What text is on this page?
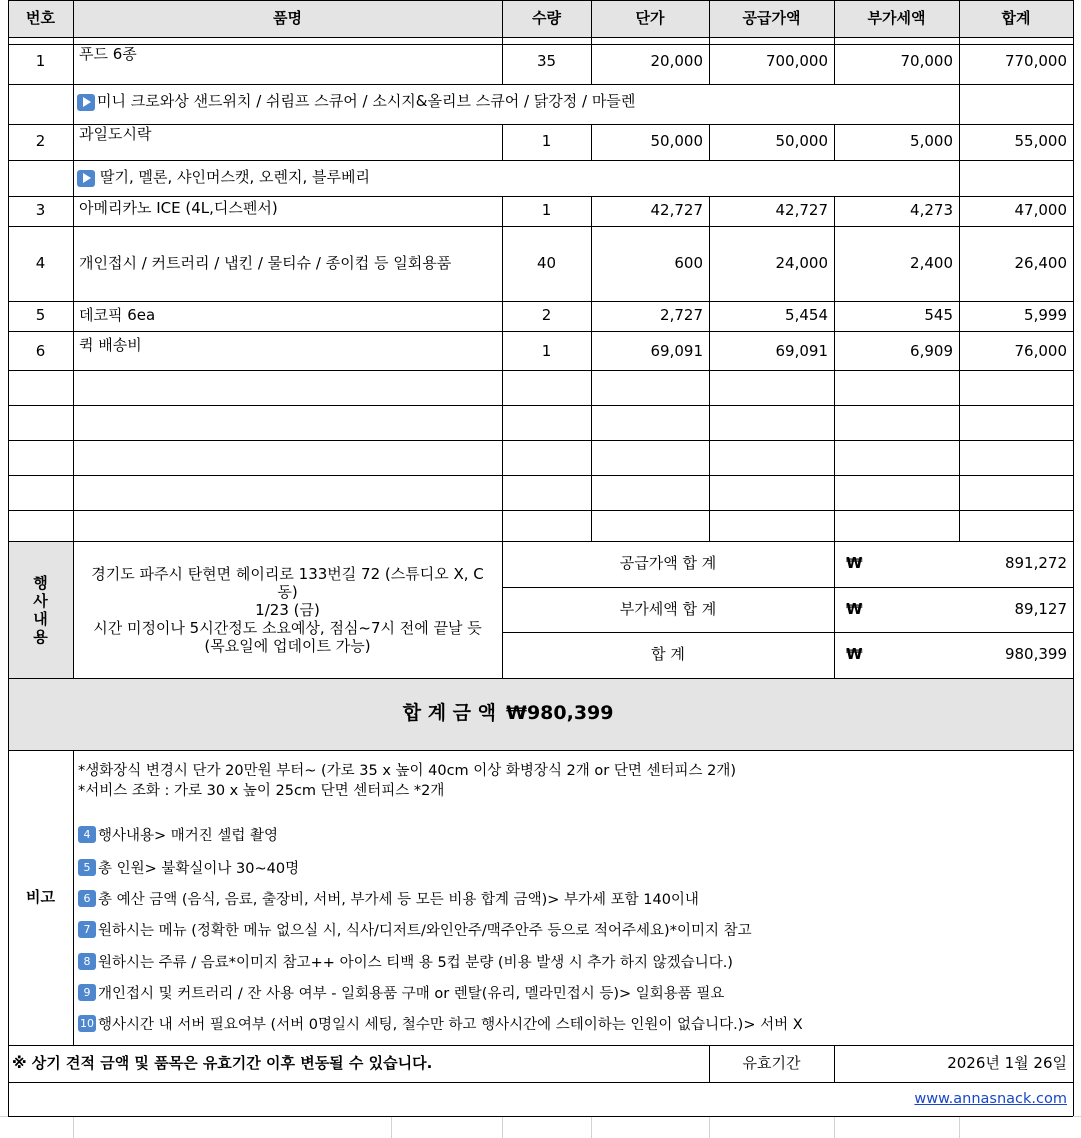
번호	품명	수량	단가	공급가액	부가세액	합계
1	푸드 6종	35	20,000	700,000	70,000	770,000
미니 크로와상 샌드위치 / 쉬림프 스큐어 / 소시지&올리브 스큐어 / 닭강정 / 마들렌
2	과일도시락	1	50,000	50,000	5,000	55,000
딸기, 멜론, 샤인머스캣, 오렌지, 블루베리
3	아메리카노 ICE (4L,디스펜서)	1	42,727	42,727	4,273	47,000
4	개인접시 / 커트러리 / 냅킨 / 물티슈 / 종이컵 등 일회용품	40	600	24,000	2,400	26,400
5	데코픽 6ea	2	2,727	5,454	545	5,999
6	퀵 배송비	1	69,091	69,091	6,909	76,000
행
사
내
용
경기도 파주시 탄현면 헤이리로 133번길 72 (스튜디오 X, C동)
1/23 (금)
시간 미정이나 5시간정도 소요예상, 점심~7시 전에 끝날 듯 (목요일에 업데이트 가능)
공급가액 합 계	₩	891,272
부가세액 합 계	₩	89,127
합 계	₩	980,399
합 계 금 액 ₩980,399
비고
*생화장식 변경시 단가 20만원 부터~ (가로 35 x 높이 40cm 이상 화병장식 2개 or 단면 센터피스 2개)
*서비스 조화 : 가로 30 x 높이 25cm 단면 센터피스 *2개
4 행사내용> 매거진 셀럽 촬영
5 총 인원> 불확실이나 30~40명
6 총 예산 금액 (음식, 음료, 출장비, 서버, 부가세 등 모든 비용 합계 금액)> 부가세 포함 140이내
7 원하시는 메뉴 (정확한 메뉴 없으실 시, 식사/디저트/와인안주/맥주안주 등으로 적어주세요)*이미지 참고
8 원하시는 주류 / 음료*이미지 참고++ 아이스 티백 용 5컵 분량 (비용 발생 시 추가 하지 않겠습니다.)
9 개인접시 및 커트러리 / 잔 사용 여부 - 일회용품 구매 or 렌탈(유리, 멜라민접시 등)> 일회용품 필요
10 행사시간 내 서버 필요여부 (서버 0명일시 세팅, 철수만 하고 행사시간에 스테이하는 인원이 없습니다.)> 서버 X
※ 상기 견적 금액 및 품목은 유효기간 이후 변동될 수 있습니다.	유효기간	2026년 1월 26일
www.annasnack.com
